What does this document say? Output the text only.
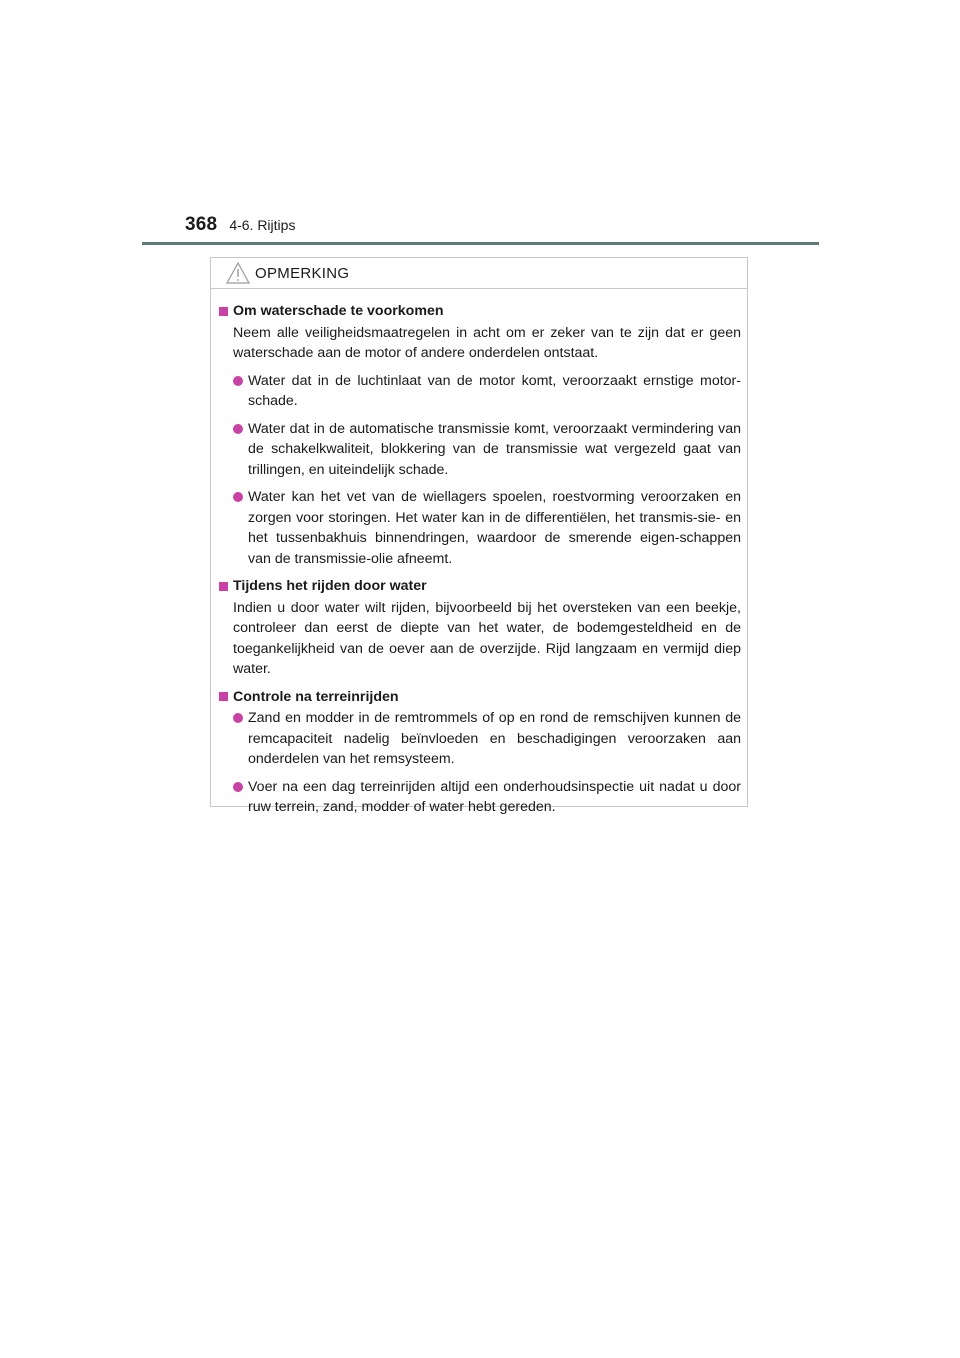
368 4-6. Rijtips
OPMERKING
Om waterschade te voorkomen
Neem alle veiligheidsmaatregelen in acht om er zeker van te zijn dat er geen waterschade aan de motor of andere onderdelen ontstaat.
Water dat in de luchtinlaat van de motor komt, veroorzaakt ernstige motor-schade.
Water dat in de automatische transmissie komt, veroorzaakt vermindering van de schakelkwaliteit, blokkering van de transmissie wat vergezeld gaat van trillingen, en uiteindelijk schade.
Water kan het vet van de wiellagers spoelen, roestvorming veroorzaken en zorgen voor storingen. Het water kan in de differentiëlen, het transmis-sie- en het tussenbakhuis binnendringen, waardoor de smerende eigen-schappen van de transmissie-olie afneemt.
Tijdens het rijden door water
Indien u door water wilt rijden, bijvoorbeeld bij het oversteken van een beekje, controleer dan eerst de diepte van het water, de bodemgesteldheid en de toegankelijkheid van de oever aan de overzijde. Rijd langzaam en vermijd diep water.
Controle na terreinrijden
Zand en modder in de remtrommels of op en rond de remschijven kunnen de remcapaciteit nadelig beïnvloeden en beschadigingen veroorzaken aan onderdelen van het remsysteem.
Voer na een dag terreinrijden altijd een onderhoudsinspectie uit nadat u door ruw terrein, zand, modder of water hebt gereden.
